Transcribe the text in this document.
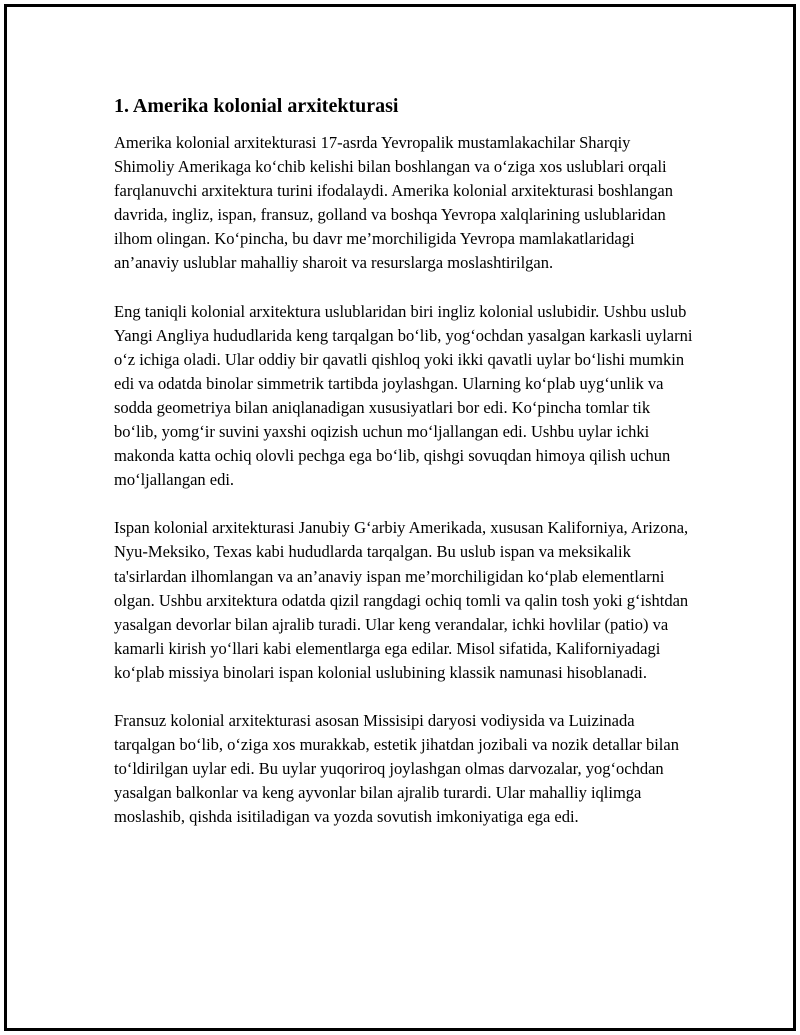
1. Amerika kolonial arxitekturasi

Amerika kolonial arxitekturasi 17-asrda Yevropalik mustamlakachilar Sharqiy Shimoliy Amerikaga ko‘chib kelishi bilan boshlangan va o‘ziga xos uslublari orqali farqlanuvchi arxitektura turini ifodalaydi. Amerika kolonial arxitekturasi boshlangan davrida, ingliz, ispan, fransuz, golland va boshqa Yevropa xalqlarining uslublaridan ilhom olingan. Ko‘pincha, bu davr me’morchiligida Yevropa mamlakatlaridagi an’anaviy uslublar mahalliy sharoit va resurslarga moslashtirilgan.

Eng taniqli kolonial arxitektura uslublaridan biri ingliz kolonial uslubidir. Ushbu uslub Yangi Angliya hududlarida keng tarqalgan bo‘lib, yog‘ochdan yasalgan karkasli uylarni o‘z ichiga oladi. Ular oddiy bir qavatli qishloq yoki ikki qavatli uylar bo‘lishi mumkin edi va odatda binolar simmetrik tartibda joylashgan. Ularning ko‘plab uyg‘unlik va sodda geometriya bilan aniqlanadigan xususiyatlari bor edi. Ko‘pincha tomlar tik bo‘lib, yomg‘ir suvini yaxshi oqizish uchun mo‘ljallangan edi. Ushbu uylar ichki makonda katta ochiq olovli pechga ega bo‘lib, qishgi sovuqdan himoya qilish uchun mo‘ljallangan edi.

Ispan kolonial arxitekturasi Janubiy G‘arbiy Amerikada, xususan Kaliforniya, Arizona, Nyu-Meksiko, Texas kabi hududlarda tarqalgan. Bu uslub ispan va meksikalik ta'sirlardan ilhomlangan va an’anaviy ispan me’morchiligidan ko‘plab elementlarni olgan. Ushbu arxitektura odatda qizil rangdagi ochiq tomli va qalin tosh yoki g‘ishtdan yasalgan devorlar bilan ajralib turadi. Ular keng verandalar, ichki hovlilar (patio) va kamarli kirish yo‘llari kabi elementlarga ega edilar. Misol sifatida, Kaliforniyadagi ko‘plab missiya binolari ispan kolonial uslubining klassik namunasi hisoblanadi.

Fransuz kolonial arxitekturasi asosan Missisipi daryosi vodiysida va Luizinada tarqalgan bo‘lib, o‘ziga xos murakkab, estetik jihatdan jozibali va nozik detallar bilan to‘ldirilgan uylar edi. Bu uylar yuqoriroq joylashgan olmas darvozalar, yog‘ochdan yasalgan balkonlar va keng ayvonlar bilan ajralib turardi. Ular mahalliy iqlimga moslashib, qishda isitiladigan va yozda sovutish imkoniyatiga ega edi.
